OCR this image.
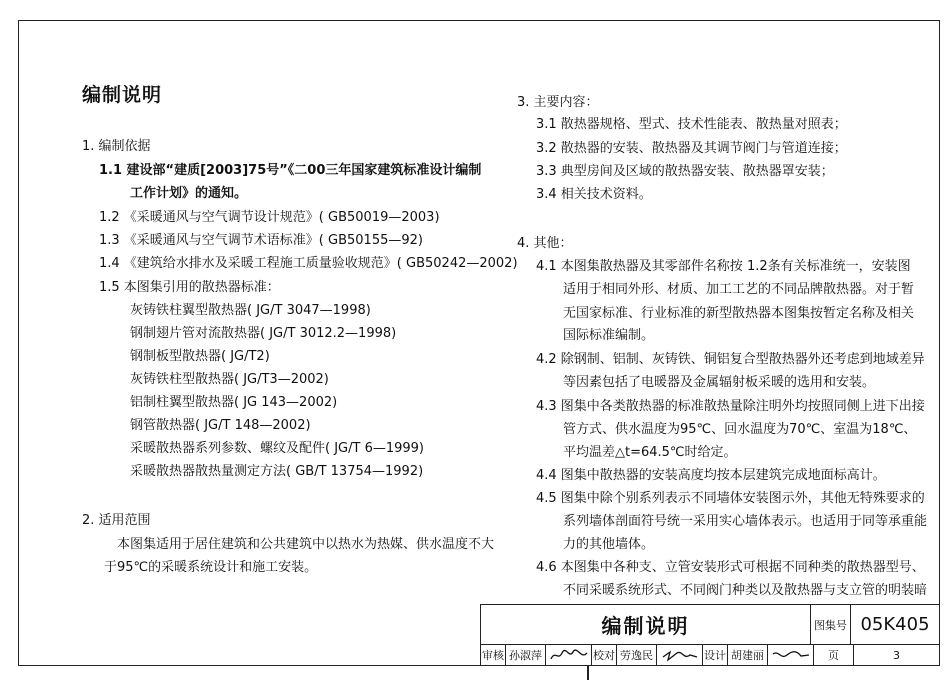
编制说明
1. 编制依据
1.1 建设部“建质[2003]75号”《二00三年国家建筑标准设计编制
工作计划》的通知。
1.2 《采暖通风与空气调节设计规范》( GB50019—2003)
1.3 《采暖通风与空气调节术语标准》( GB50155—92)
1.4 《建筑给水排水及采暖工程施工质量验收规范》( GB50242—2002)
1.5 本图集引用的散热器标准：
灰铸铁柱翼型散热器( JG/T 3047—1998)
钢制翅片管对流散热器( JG/T 3012.2—1998)
钢制板型散热器( JG/T2)
灰铸铁柱型散热器( JG/T3—2002)
铝制柱翼型散热器( JG 143—2002)
钢管散热器( JG/T 148—2002)
采暖散热器系列参数、螺纹及配件( JG/T 6—1999)
采暖散热器散热量测定方法( GB/T 13754—1992)
2. 适用范围
本图集适用于居住建筑和公共建筑中以热水为热媒、供水温度不大
于95℃的采暖系统设计和施工安装。
3. 主要内容：
3.1 散热器规格、型式、技术性能表、散热量对照表；
3.2 散热器的安装、散热器及其调节阀门与管道连接；
3.3 典型房间及区域的散热器安装、散热器罩安装；
3.4 相关技术资料。
4. 其他：
4.1 本图集散热器及其零部件名称按 1.2条有关标准统一，安装图
适用于相同外形、材质、加工工艺的不同品牌散热器。对于暂
无国家标准、行业标准的新型散热器本图集按暂定名称及相关
国际标准编制。
4.2 除钢制、铝制、灰铸铁、铜铝复合型散热器外还考虑到地域差异
等因素包括了电暖器及金属辐射板采暖的选用和安装。
4.3 图集中各类散热器的标准散热量除注明外均按照同侧上进下出接
管方式、供水温度为95℃、回水温度为70℃、室温为18℃、
平均温差△t=64.5℃时给定。
4.4 图集中散热器的安装高度均按本层建筑完成地面标高计。
4.5 图集中除个别系列表示不同墙体安装图示外，其他无特殊要求的
系列墙体剖面符号统一采用实心墙体表示。也适用于同等承重能
力的其他墙体。
4.6 本图集中各种支、立管安装形式可根据不同种类的散热器型号、
不同采暖系统形式、不同阀门种类以及散热器与支立管的明装暗
编制说明	图集号 05K405
审核 孙淑萍	校对 劳逸民	设计 胡建丽	页	3
